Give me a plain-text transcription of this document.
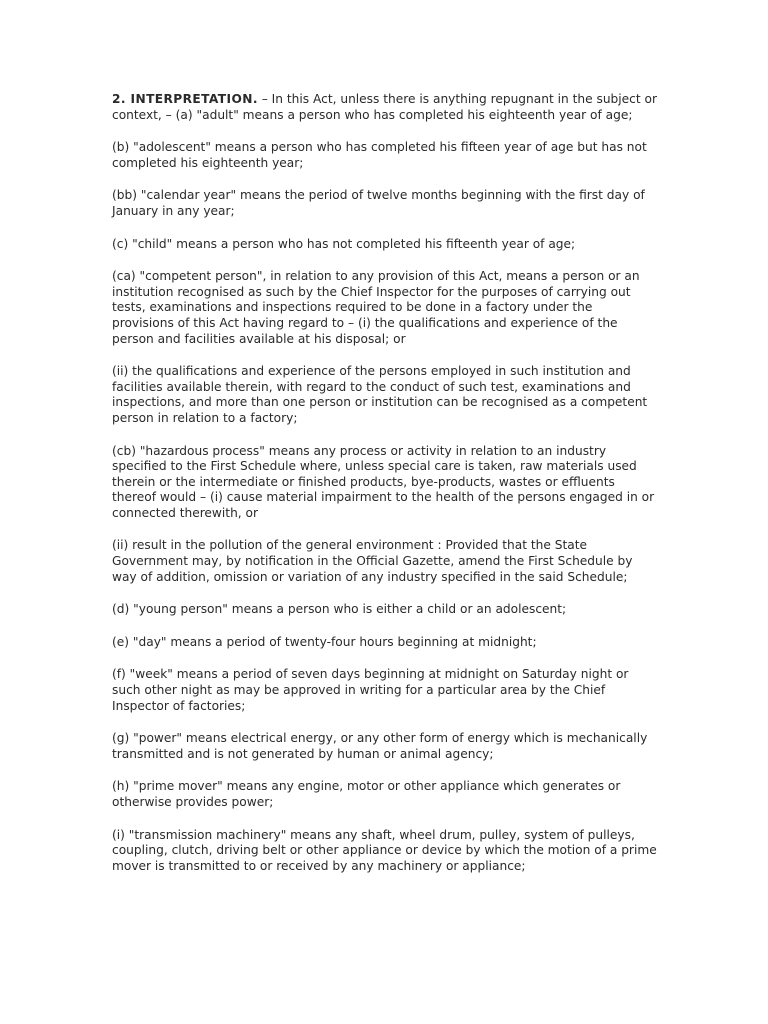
2. INTERPRETATION. – In this Act, unless there is anything repugnant in the subject or context, – (a) "adult" means a person who has completed his eighteenth year of age;

(b) "adolescent" means a person who has completed his fifteen year of age but has not completed his eighteenth year;

(bb) "calendar year" means the period of twelve months beginning with the first day of January in any year;

(c) "child" means a person who has not completed his fifteenth year of age;

(ca) "competent person", in relation to any provision of this Act, means a person or an institution recognised as such by the Chief Inspector for the purposes of carrying out tests, examinations and inspections required to be done in a factory under the provisions of this Act having regard to – (i) the qualifications and experience of the person and facilities available at his disposal; or

(ii) the qualifications and experience of the persons employed in such institution and facilities available therein, with regard to the conduct of such test, examinations and inspections, and more than one person or institution can be recognised as a competent person in relation to a factory;

(cb) "hazardous process" means any process or activity in relation to an industry specified to the First Schedule where, unless special care is taken, raw materials used therein or the intermediate or finished products, bye-products, wastes or effluents thereof would – (i) cause material impairment to the health of the persons engaged in or connected therewith, or

(ii) result in the pollution of the general environment : Provided that the State Government may, by notification in the Official Gazette, amend the First Schedule by way of addition, omission or variation of any industry specified in the said Schedule;

(d) "young person" means a person who is either a child or an adolescent;

(e) "day" means a period of twenty-four hours beginning at midnight;

(f) "week" means a period of seven days beginning at midnight on Saturday night or such other night as may be approved in writing for a particular area by the Chief Inspector of factories;

(g) "power" means electrical energy, or any other form of energy which is mechanically transmitted and is not generated by human or animal agency;

(h) "prime mover" means any engine, motor or other appliance which generates or otherwise provides power;

(i) "transmission machinery" means any shaft, wheel drum, pulley, system of pulleys, coupling, clutch, driving belt or other appliance or device by which the motion of a prime mover is transmitted to or received by any machinery or appliance;
